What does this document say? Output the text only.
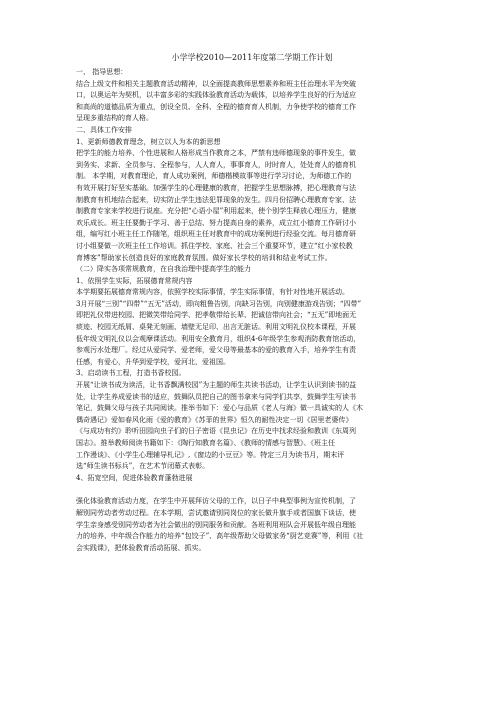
小学学校2010—2011年度第二学期工作计划
一、 指导思想：
结合上级文件和相关主题教育活动精神，以全面提高教师思想素养和班主任治理水平为突破
口，以奥运年为契机，以丰富多彩的实践体验教育活动为载体，以培养学生良好的行为适应
和高尚的道德品质为重点，创设全员、全科、全程的德育育人机制，力争使学校的德育工作
呈现多重结构的育人格。
二、具体工作安排
1、更新师德教育理念，树立以人为本的新思想
把学生的能力培养、个性进展和人格形成当作教育之本，严禁有违师德现象的事件发生，做
到务实、求新、全员参与、全程参与，人人育人，事事育人，时时育人，处处育人的德育机
制。 本学期，对教育理论，育人成功案例，师德楷模故事等进行学习讨论，为师德工作的
有效开展打好坚实基础。加强学生的心理健康的教育，把握学生思想脉搏，把心理教育与法
制教育有机地结合起来，切实防止学生违法犯罪现象的发生。四月份招聘心理教育专家、法
制教育专家来学校进行说座。充分把“心语小屋”利用起来，使个别学生释放心理压力，健康
欢乐成长。班主任要勤于学习、善于总结、努力提高自身的素养，成立红小德育工作研讨小
组，编写红小班主任工作随笔，组织班主任对教育中的成功案例进行经验交流。每月德育研
讨小组要做一次班主任工作培训。抓住学校、家庭、社会三个重要环节，建立“红小家校教
育博客”帮助家长创造良好的家庭教育氛围。做好家长学校的培训和结业考试工作。
（二）降实各项常规教育，在自我治理中提高学生的能力
1、依照学生实际，拓展德育常规内容
本学期要拓展德育常规内容，依照学校实际事情，学生实际事情，有针对性地开展活动。
3月开展“三别”“四带”“五无”活动，即向粗鲁告别，向缺习告别，向别健康游戏告别；“四带”
即把礼仪带进校园、把微笑带给同学、把孝敬带给长辈、把诚信带向社会；“五无”即地面无
痰迹、校园无纸屑、桌凳无刻画、墙壁无足印、出言无脏话。利用文明礼仪校本课程，开展
低年级文明礼仪以会观摩课活动。利用安全教育月，组织4-6年级学生参观消防教育馆活动，
参观污水处理厂。经过从爱同学、爱老师，爱父母等最基本的爱的教育入手，培养学生有责
任感，有爱心，升华到爱学校，爱河北，爱祖国。
3、启动读书工程，打造书香校园。
开展“让读书成为读活，让书香飘满校园”为主题的师生共读书活动，让学生认识到读书的益
处，让学生养成爱读书的适应，鼓舞队员把自己的图书拿来与同学们共享，鼓舞学生写读书
笔记，鼓舞父母与孩子共同阅读。推举书如下：爱心与品质《老人与海》做一具诚实的人《木
偶奇遇记》爱如春风化雨《爱的教育》《苏菲的世界》恒久的耐性决定一切《居里老婆传》
《与成功有约》聆听田园向虫子们的日子密语《昆虫记》在历史中找求经验和教训《东周列
国志》。推举教师阅读书籍如下：《陶行知教育名篇》、《教师的情感与智慧》、《班主任
工作漫谈》、《小学生心理辅导札记》,《窗边的小豆豆》等。特定三月为读书月，期末评
选“师生读书标兵”，在艺术节闭幕式表彰。
4、拓宽空间，促进体验教育蓬勃进展
强化体验教育活动力度，在学生中开展拜访父母的工作，以日子中典型事例为宣传机制，了
解别同劳动者劳动过程。在本学期，尝试邀请别同岗位的家长做升旗手或者国旗下谈话，使
学生亲身感受别同劳动者为社会做出的别同服务和贡献。各班利用班队会开展低年级自理能
力的培养、中年级合作能力的培养“包饺子”、高年级帮助父母做家务“厨艺竞赛”等，利用《社
会实践课》，把体验教育活动拓展、抓实。
